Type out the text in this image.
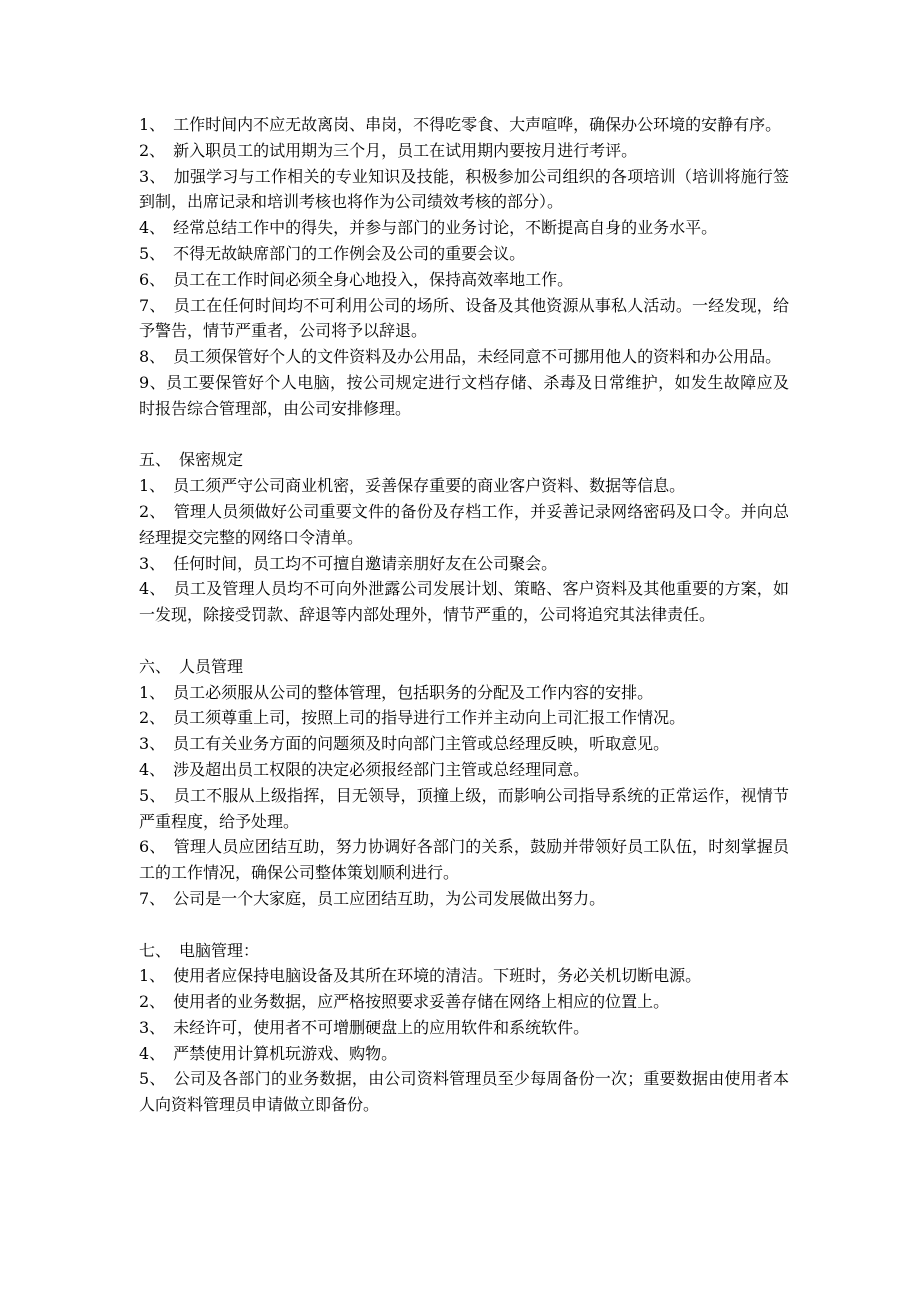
1、　工作时间内不应无故离岗、串岗，不得吃零食、大声喧哗，确保办公环境的安静有序。

2、　新入职员工的试用期为三个月，员工在试用期内要按月进行考评。

3、　加强学习与工作相关的专业知识及技能，积极参加公司组织的各项培训（培训将施行签到制，出席记录和培训考核也将作为公司绩效考核的部分）。

4、　经常总结工作中的得失，并参与部门的业务讨论，不断提高自身的业务水平。

5、　不得无故缺席部门的工作例会及公司的重要会议。

6、　员工在工作时间必须全身心地投入，保持高效率地工作。

7、　员工在任何时间均不可利用公司的场所、设备及其他资源从事私人活动。一经发现，给予警告，情节严重者，公司将予以辞退。

8、　员工须保管好个人的文件资料及办公用品，未经同意不可挪用他人的资料和办公用品。

9、员工要保管好个人电脑，按公司规定进行文档存储、杀毒及日常维护，如发生故障应及时报告综合管理部，由公司安排修理。

五、　保密规定

1、　员工须严守公司商业机密，妥善保存重要的商业客户资料、数据等信息。

2、　管理人员须做好公司重要文件的备份及存档工作，并妥善记录网络密码及口令。并向总经理提交完整的网络口令清单。

3、　任何时间，员工均不可擅自邀请亲朋好友在公司聚会。

4、　员工及管理人员均不可向外泄露公司发展计划、策略、客户资料及其他重要的方案，如一发现，除接受罚款、辞退等内部处理外，情节严重的，公司将追究其法律责任。

六、　人员管理

1、　员工必须服从公司的整体管理，包括职务的分配及工作内容的安排。

2、　员工须尊重上司，按照上司的指导进行工作并主动向上司汇报工作情况。

3、　员工有关业务方面的问题须及时向部门主管或总经理反映，听取意见。

4、　涉及超出员工权限的决定必须报经部门主管或总经理同意。

5、　员工不服从上级指挥，目无领导，顶撞上级，而影响公司指导系统的正常运作，视情节严重程度，给予处理。

6、　管理人员应团结互助，努力协调好各部门的关系，鼓励并带领好员工队伍，时刻掌握员工的工作情况，确保公司整体策划顺利进行。

7、　公司是一个大家庭，员工应团结互助，为公司发展做出努力。

七、　电脑管理：

1、　使用者应保持电脑设备及其所在环境的清洁。下班时，务必关机切断电源。

2、　使用者的业务数据，应严格按照要求妥善存储在网络上相应的位置上。

3、　未经许可，使用者不可增删硬盘上的应用软件和系统软件。

4、　严禁使用计算机玩游戏、购物。

5、　公司及各部门的业务数据，由公司资料管理员至少每周备份一次；重要数据由使用者本人向资料管理员申请做立即备份。
